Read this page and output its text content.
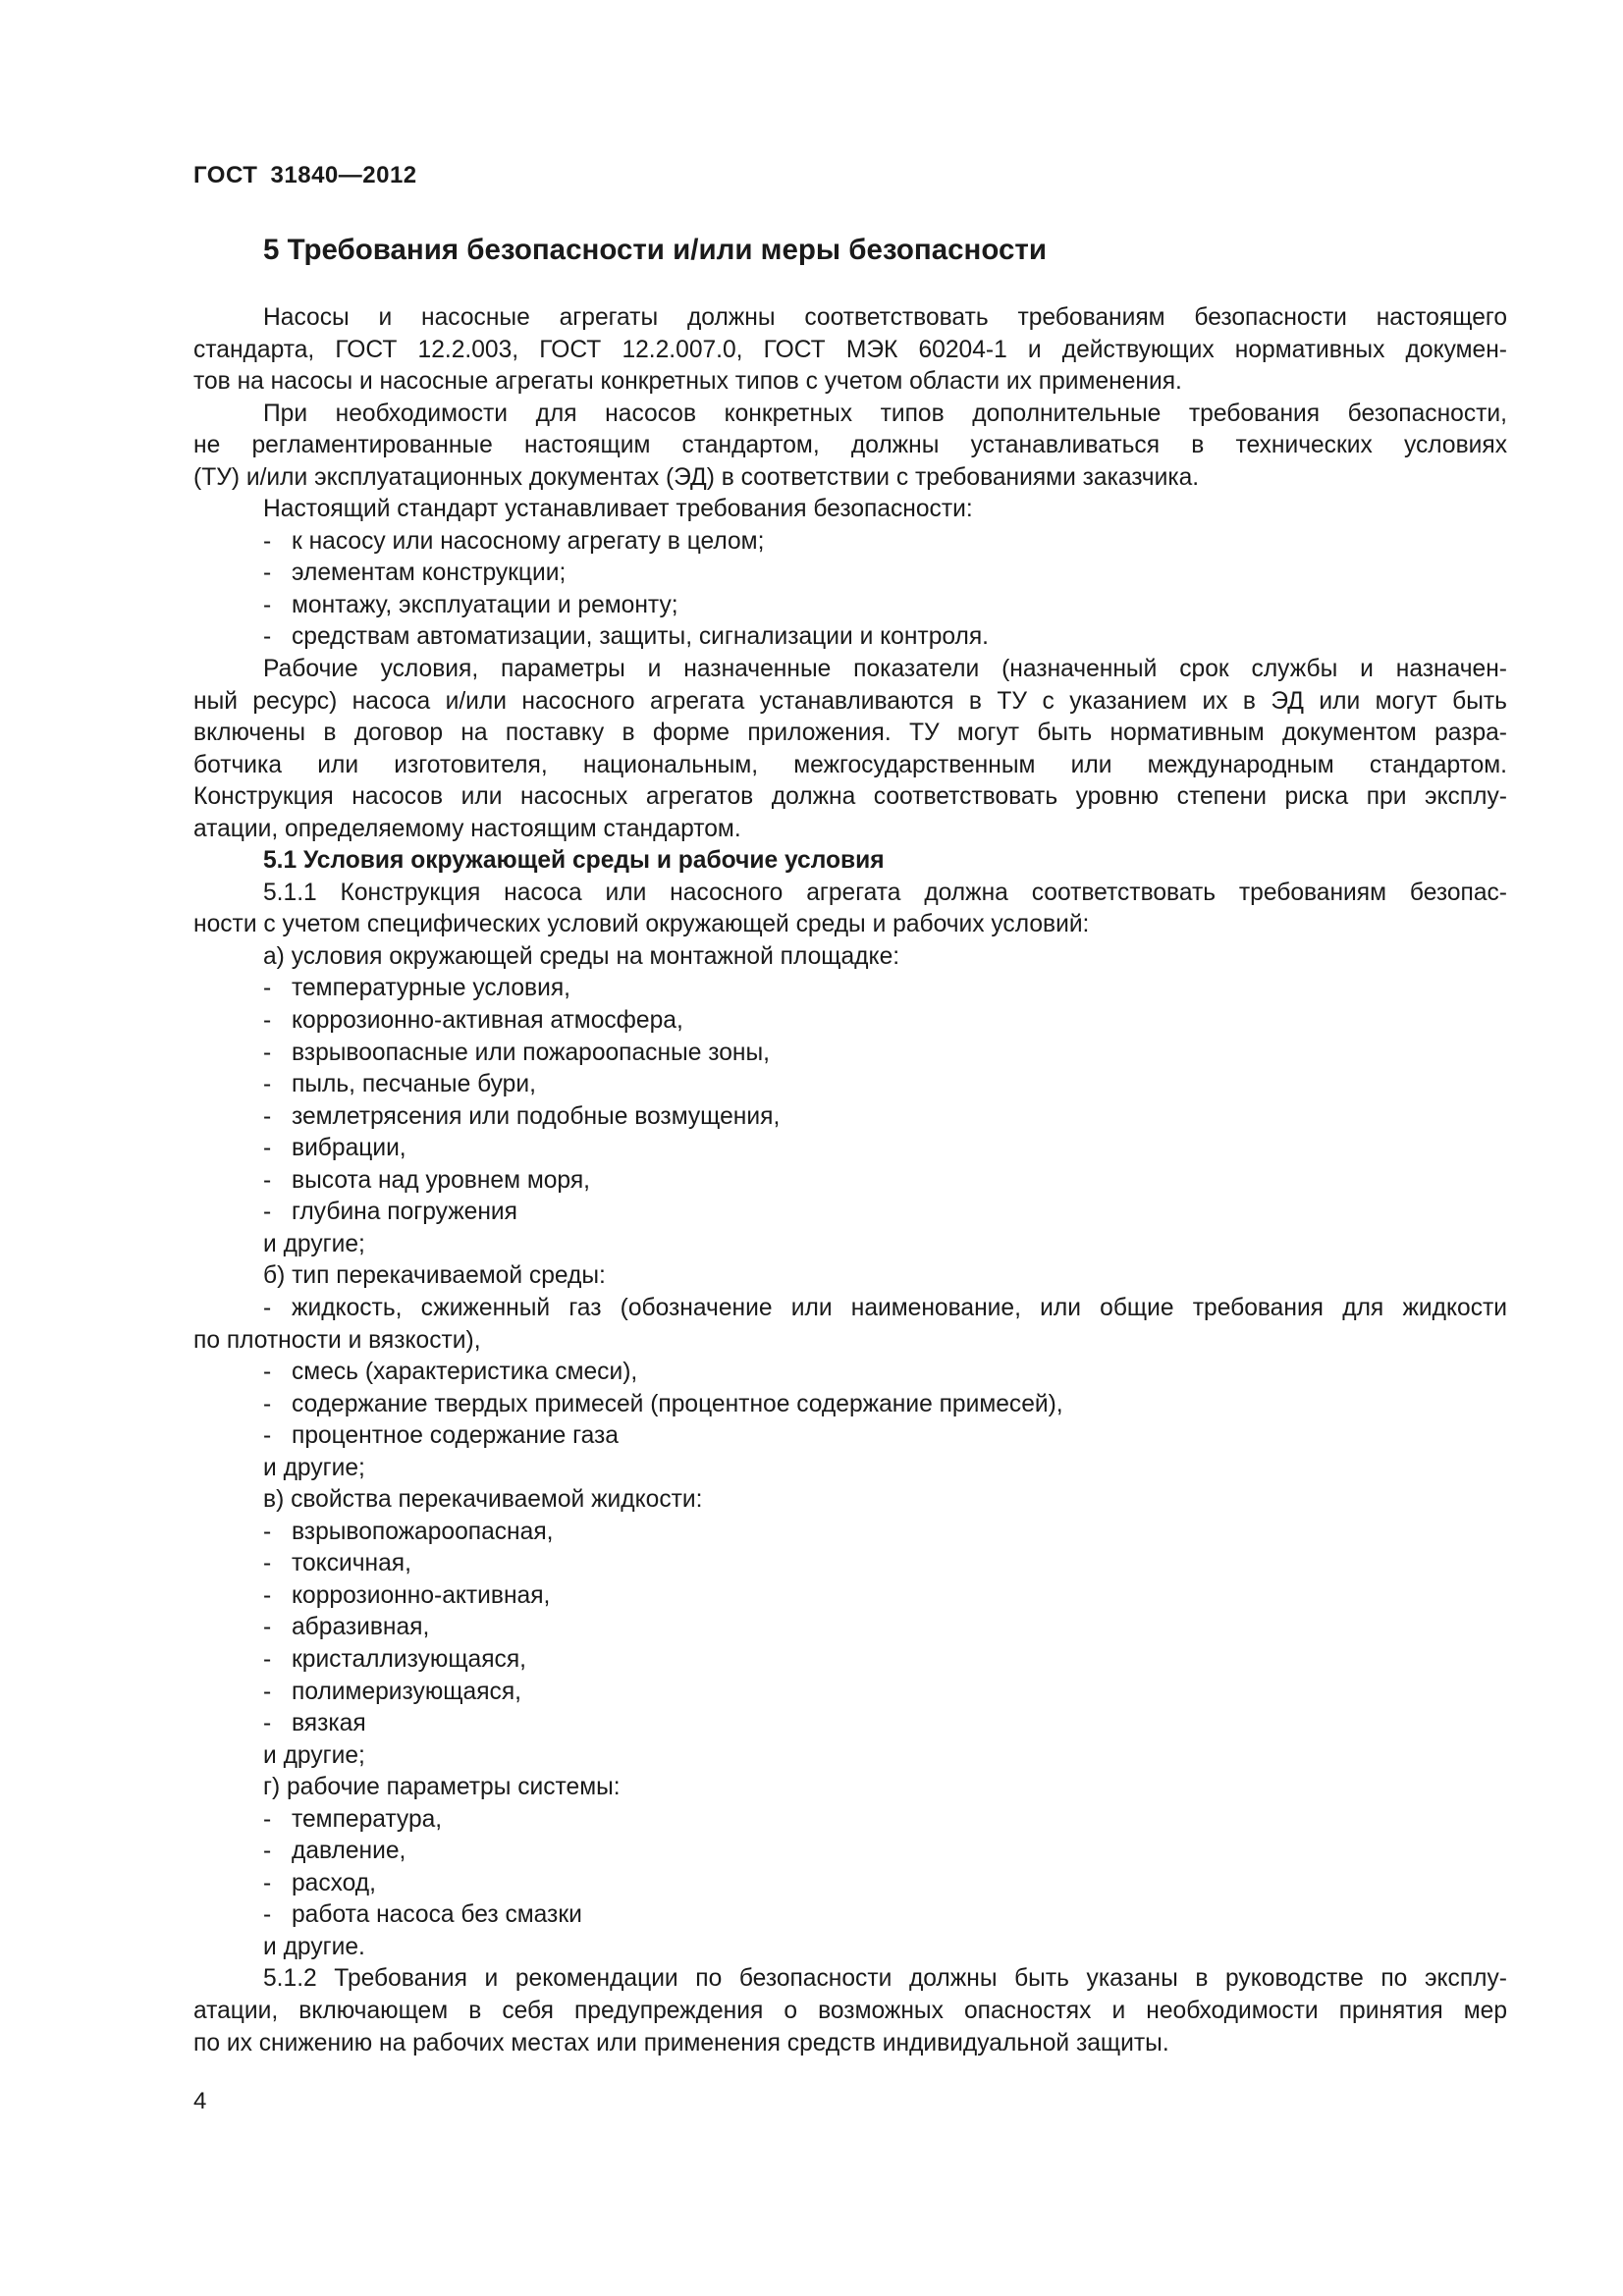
ГОСТ 31840—2012
5 Требования безопасности и/или меры безопасности
Насосы и насосные агрегаты должны соответствовать требованиям безопасности настоящего
стандарта, ГОСТ 12.2.003, ГОСТ 12.2.007.0, ГОСТ МЭК 60204-1 и действующих нормативных докумен-
тов на насосы и насосные агрегаты конкретных типов с учетом области их применения.
При необходимости для насосов конкретных типов дополнительные требования безопасности,
не регламентированные настоящим стандартом, должны устанавливаться в технических условиях
(ТУ) и/или эксплуатационных документах (ЭД) в соответствии с требованиями заказчика.
Настоящий стандарт устанавливает требования безопасности:
- к насосу или насосному агрегату в целом;
- элементам конструкции;
- монтажу, эксплуатации и ремонту;
- средствам автоматизации, защиты, сигнализации и контроля.
Рабочие условия, параметры и назначенные показатели (назначенный срок службы и назначен-
ный ресурс) насоса и/или насосного агрегата устанавливаются в ТУ с указанием их в ЭД или могут быть
включены в договор на поставку в форме приложения. ТУ могут быть нормативным документом разра-
ботчика или изготовителя, национальным, межгосударственным или международным стандартом.
Конструкция насосов или насосных агрегатов должна соответствовать уровню степени риска при эксплу-
атации, определяемому настоящим стандартом.
5.1 Условия окружающей среды и рабочие условия
5.1.1 Конструкция насоса или насосного агрегата должна соответствовать требованиям безопас-
ности с учетом специфических условий окружающей среды и рабочих условий:
а) условия окружающей среды на монтажной площадке:
- температурные условия,
- коррозионно-активная атмосфера,
- взрывоопасные или пожароопасные зоны,
- пыль, песчаные бури,
- землетрясения или подобные возмущения,
- вибрации,
- высота над уровнем моря,
- глубина погружения
и другие;
б) тип перекачиваемой среды:
- жидкость, сжиженный газ (обозначение или наименование, или общие требования для жидкости
по плотности и вязкости),
- смесь (характеристика смеси),
- содержание твердых примесей (процентное содержание примесей),
- процентное содержание газа
и другие;
в) свойства перекачиваемой жидкости:
- взрывопожароопасная,
- токсичная,
- коррозионно-активная,
- абразивная,
- кристаллизующаяся,
- полимеризующаяся,
- вязкая
и другие;
г) рабочие параметры системы:
- температура,
- давление,
- расход,
- работа насоса без смазки
и другие.
5.1.2 Требования и рекомендации по безопасности должны быть указаны в руководстве по эксплу-
атации, включающем в себя предупреждения о возможных опасностях и необходимости принятия мер
по их снижению на рабочих местах или применения средств индивидуальной защиты.
4
